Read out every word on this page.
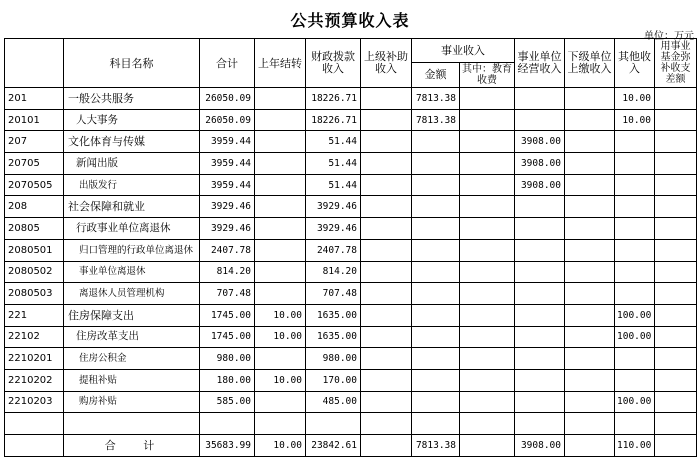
公共预算收入表
单位：万元
	科目名称	合计	上年结转	财政拨款收入	上级补助收入	事业收入		事业单位经营收入	下级单位上缴收入	其他收入	用事业基金弥补收支差额
						金额	其中：教育收费				
201	一般公共服务	26050.09		18226.71		7813.38				10.00	
20101	人大事务	26050.09		18226.71		7813.38				10.00	
207	文化体育与传媒	3959.44		51.44				3908.00			
20705	新闻出版	3959.44		51.44				3908.00			
2070505	出版发行	3959.44		51.44				3908.00			
208	社会保障和就业	3929.46		3929.46							
20805	行政事业单位离退休	3929.46		3929.46							
2080501	归口管理的行政单位离退休	2407.78		2407.78							
2080502	事业单位离退休	814.20		814.20							
2080503	离退休人员管理机构	707.48		707.48							
221	住房保障支出	1745.00	10.00	1635.00						100.00	
22102	住房改革支出	1745.00	10.00	1635.00						100.00	
2210201	住房公积金	980.00		980.00							
2210202	提租补贴	180.00	10.00	170.00							
2210203	购房补贴	585.00		485.00						100.00	

	合 计	35683.99	10.00	23842.61		7813.38		3908.00		110.00	
